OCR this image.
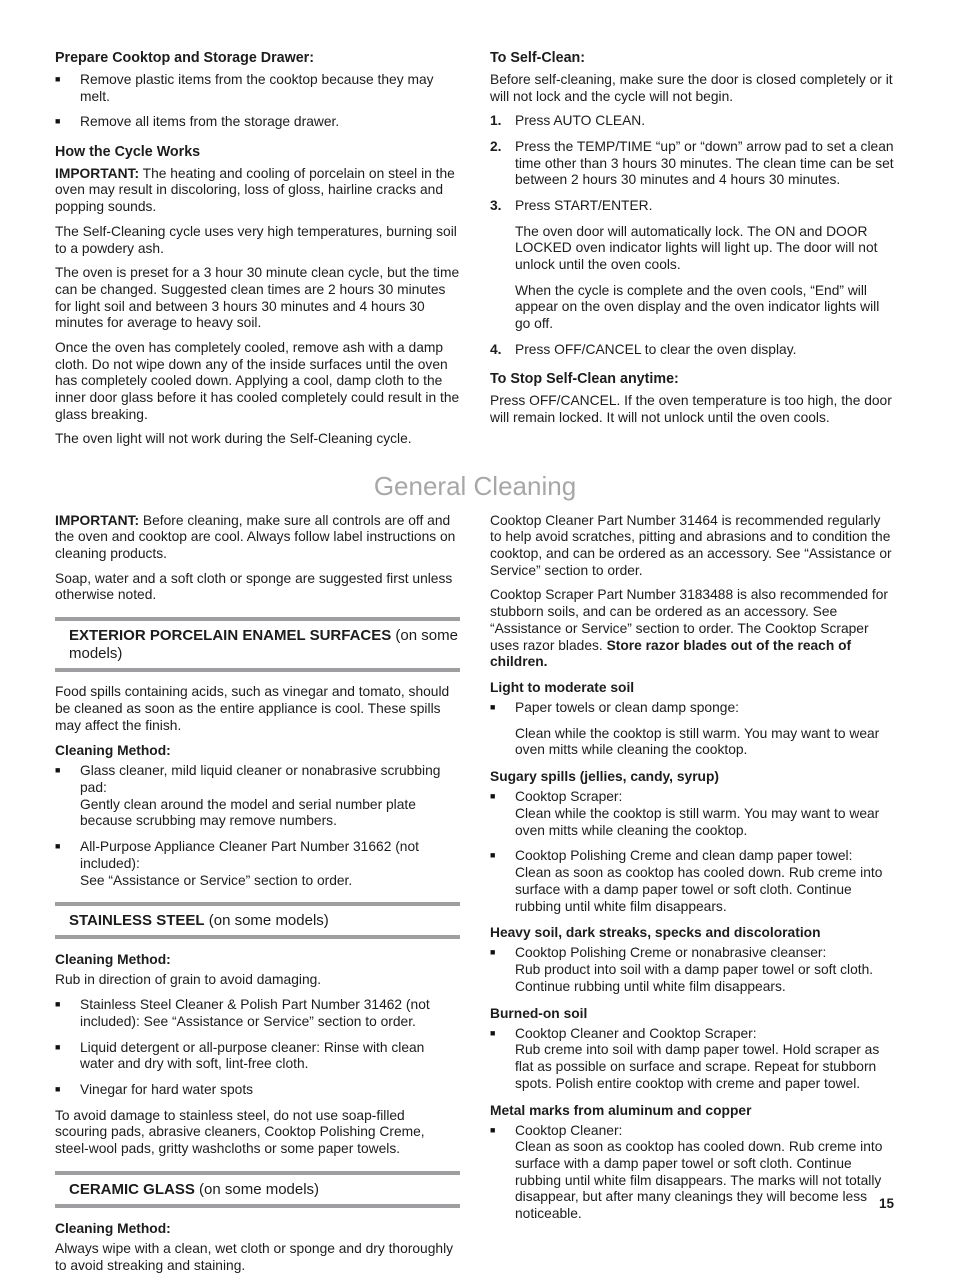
Prepare Cooktop and Storage Drawer:
■	Remove plastic items from the cooktop because they may melt.
■	Remove all items from the storage drawer.
How the Cycle Works

IMPORTANT: The heating and cooling of porcelain on steel in the oven may result in discoloring, loss of gloss, hairline cracks and popping sounds.

The Self-Cleaning cycle uses very high temperatures, burning soil to a powdery ash.

The oven is preset for a 3 hour 30 minute clean cycle, but the time can be changed. Suggested clean times are 2 hours 30 minutes for light soil and between 3 hours 30 minutes and 4 hours 30 minutes for average to heavy soil.

Once the oven has completely cooled, remove ash with a damp cloth. Do not wipe down any of the inside surfaces until the oven has completely cooled down. Applying a cool, damp cloth to the inner door glass before it has cooled completely could result in the glass breaking.

The oven light will not work during the Self-Cleaning cycle.

To Self-Clean:

Before self-cleaning, make sure the door is closed completely or it will not lock and the cycle will not begin.

1. Press AUTO CLEAN.
2. Press the TEMP/TIME “up” or “down” arrow pad to set a clean time other than 3 hours 30 minutes. The clean time can be set between 2 hours 30 minutes and 4 hours 30 minutes.
3. Press START/ENTER.

The oven door will automatically lock. The ON and DOOR LOCKED oven indicator lights will light up. The door will not unlock until the oven cools.

When the cycle is complete and the oven cools, “End” will appear on the oven display and the oven indicator lights will go off.

4. Press OFF/CANCEL to clear the oven display.
To Stop Self-Clean anytime:

Press OFF/CANCEL. If the oven temperature is too high, the door will remain locked. It will not unlock until the oven cools.

General Cleaning

IMPORTANT: Before cleaning, make sure all controls are off and the oven and cooktop are cool. Always follow label instructions on cleaning products.

Soap, water and a soft cloth or sponge are suggested first unless otherwise noted.

EXTERIOR PORCELAIN ENAMEL SURFACES (on some models)

Food spills containing acids, such as vinegar and tomato, should be cleaned as soon as the entire appliance is cool. These spills may affect the finish.

Cleaning Method:
■	Glass cleaner, mild liquid cleaner or nonabrasive scrubbing pad:
Gently clean around the model and serial number plate because scrubbing may remove numbers.
■	All-Purpose Appliance Cleaner Part Number 31662 (not included):
See “Assistance or Service” section to order.
STAINLESS STEEL (on some models)
Cleaning Method:

Rub in direction of grain to avoid damaging.

■	Stainless Steel Cleaner & Polish Part Number 31462 (not included): See “Assistance or Service” section to order.
■	Liquid detergent or all-purpose cleaner: Rinse with clean water and dry with soft, lint-free cloth.
■	Vinegar for hard water spots

To avoid damage to stainless steel, do not use soap-filled scouring pads, abrasive cleaners, Cooktop Polishing Creme, steel-wool pads, gritty washcloths or some paper towels.

CERAMIC GLASS (on some models)
Cleaning Method:

Always wipe with a clean, wet cloth or sponge and dry thoroughly to avoid streaking and staining.

Cooktop Cleaner Part Number 31464 is recommended regularly to help avoid scratches, pitting and abrasions and to condition the cooktop, and can be ordered as an accessory. See “Assistance or Service” section to order.

Cooktop Scraper Part Number 3183488 is also recommended for stubborn soils, and can be ordered as an accessory. See “Assistance or Service” section to order. The Cooktop Scraper uses razor blades. Store razor blades out of the reach of children.

Light to moderate soil
■	Paper towels or clean damp sponge:

Clean while the cooktop is still warm. You may want to wear oven mitts while cleaning the cooktop.

Sugary spills (jellies, candy, syrup)
■	Cooktop Scraper:
Clean while the cooktop is still warm. You may want to wear oven mitts while cleaning the cooktop.
■	Cooktop Polishing Creme and clean damp paper towel:
Clean as soon as cooktop has cooled down. Rub creme into surface with a damp paper towel or soft cloth. Continue rubbing until white film disappears.
Heavy soil, dark streaks, specks and discoloration
■	Cooktop Polishing Creme or nonabrasive cleanser:
Rub product into soil with a damp paper towel or soft cloth. Continue rubbing until white film disappears.
Burned-on soil
■	Cooktop Cleaner and Cooktop Scraper:
Rub creme into soil with damp paper towel. Hold scraper as flat as possible on surface and scrape. Repeat for stubborn spots. Polish entire cooktop with creme and paper towel.
Metal marks from aluminum and copper
■	Cooktop Cleaner:
Clean as soon as cooktop has cooled down. Rub creme into surface with a damp paper towel or soft cloth. Continue rubbing until white film disappears. The marks will not totally disappear, but after many cleanings they will become less noticeable.
15
